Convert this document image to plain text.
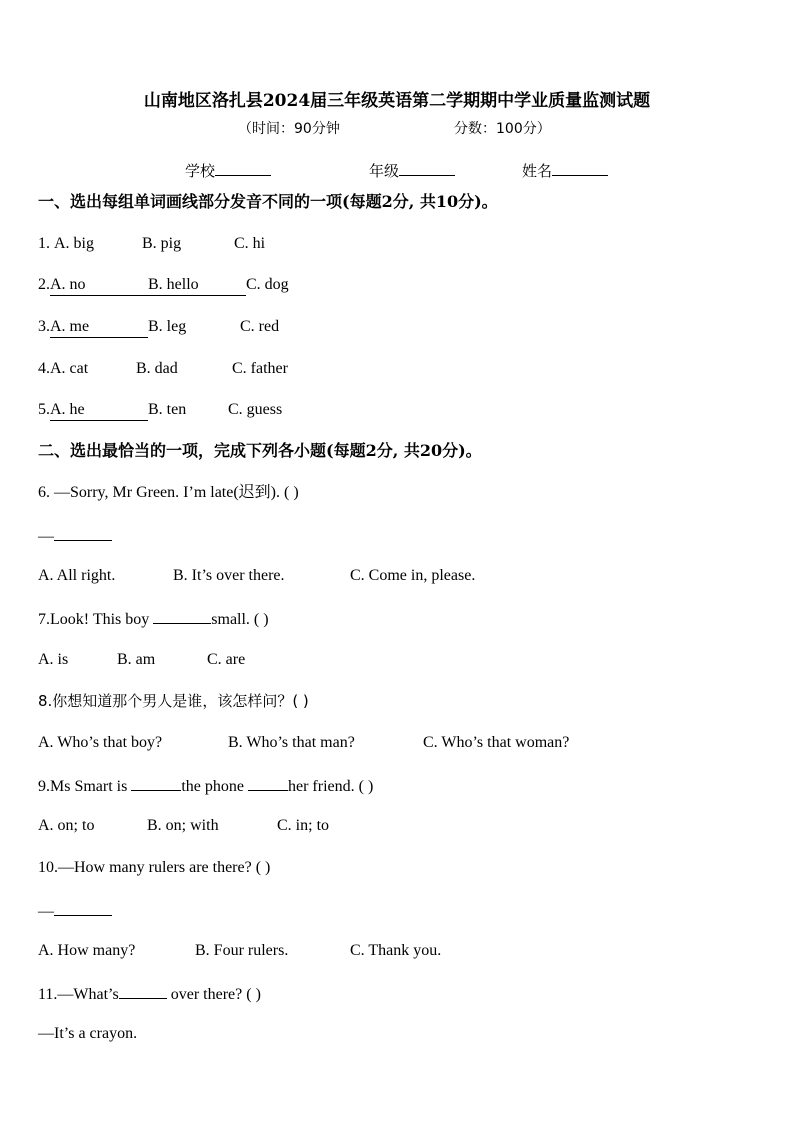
山南地区洛扎县2024届三年级英语第二学期期中学业质量监测试题
（时间：90分钟	分数：100分）
学校	年级	姓名
一、选出每组单词画线部分发音不同的一项(每题2分, 共10分)。
1. A. big	B. pig	C. hi
2.A. no	B. hello	C. dog
3.A. me	B. leg	C. red
4.A. cat	B. dad	C. father
5.A. he	B. ten	C. guess
二、选出最恰当的一项，完成下列各小题(每题2分, 共20分)。
6. —Sorry, Mr Green. I’m late(迟到). ( )
—
A. All right.	B. It’s over there.	C. Come in, please.
7.Look! This boy	small. ( )
A. is	B. am	C. are
8.你想知道那个男人是谁，该怎样问？( )
A. Who’s that boy?	B. Who’s that man?	C. Who’s that woman?
9.Ms Smart is	the phone	her friend. ( )
A. on; to	B. on; with	C. in; to
10.—How many rulers are there? ( )
—
A. How many?	B. Four rulers.	C. Thank you.
11.—What’s	over there? ( )
—It’s a crayon.
